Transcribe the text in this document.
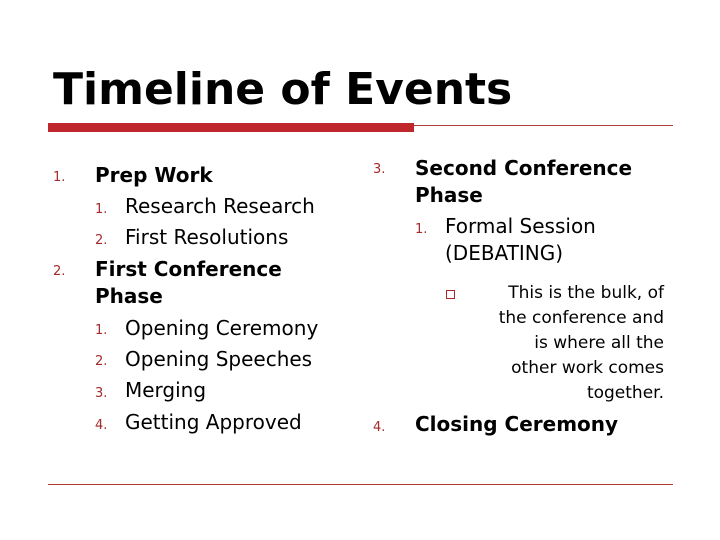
Timeline of Events
1. Prep Work
1. Research Research
2. First Resolutions
2. First Conference
Phase
1. Opening Ceremony
2. Opening Speeches
3. Merging
4. Getting Approved
3. Second Conference
Phase
1. Formal Session
(DEBATING)
This is the bulk, of
the conference and
is where all the
other work comes
together.
4. Closing Ceremony
